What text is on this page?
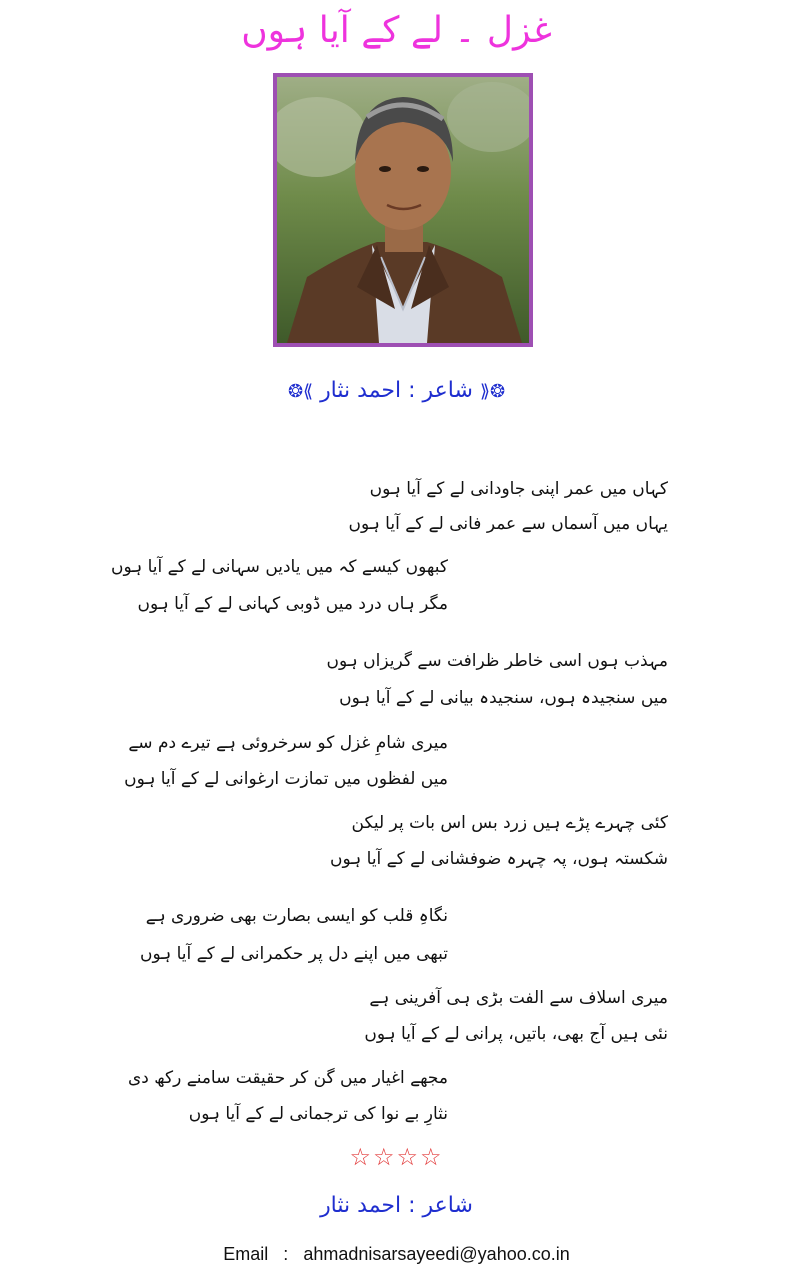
غزل ۔ لے کے آیا ہوں
❂⟪ شاعر : احمد نثار ⟫❂
کہاں میں عمر اپنی جاودانی لے کے آیا ہوں
یہاں میں آسماں سے عمر فانی لے کے آیا ہوں
کبھوں کیسے کہ میں یادیں سہانی لے کے آیا ہوں
مگر ہاں درد میں ڈوبی کہانی لے کے آیا ہوں
مہذب ہوں اسی خاطر ظرافت سے گریزاں ہوں
میں سنجیدہ ہوں، سنجیدہ بیانی لے کے آیا ہوں
میری شامِ غزل کو سرخروئی ہے تیرے دم سے
میں لفظوں میں تمازت ارغوانی لے کے آیا ہوں
کئی چہرے پڑے ہیں زرد بس اس بات پر لیکن
شکستہ ہوں، پہ چہرہ ضوفشانی لے کے آیا ہوں
نگاہِ قلب کو ایسی بصارت بھی ضروری ہے
تبھی میں اپنے دل پر حکمرانی لے کے آیا ہوں
میری اسلاف سے الفت بڑی ہی آفرینی ہے
نئی ہیں آج بھی، باتیں، پرانی لے کے آیا ہوں
مجھے اغیار میں گن کر حقیقت سامنے رکھ دی
نثارِ بے نوا کی ترجمانی لے کے آیا ہوں
☆☆☆☆
شاعر : احمد نثار
Email : ahmadnisarsayeedi@yahoo.co.in
